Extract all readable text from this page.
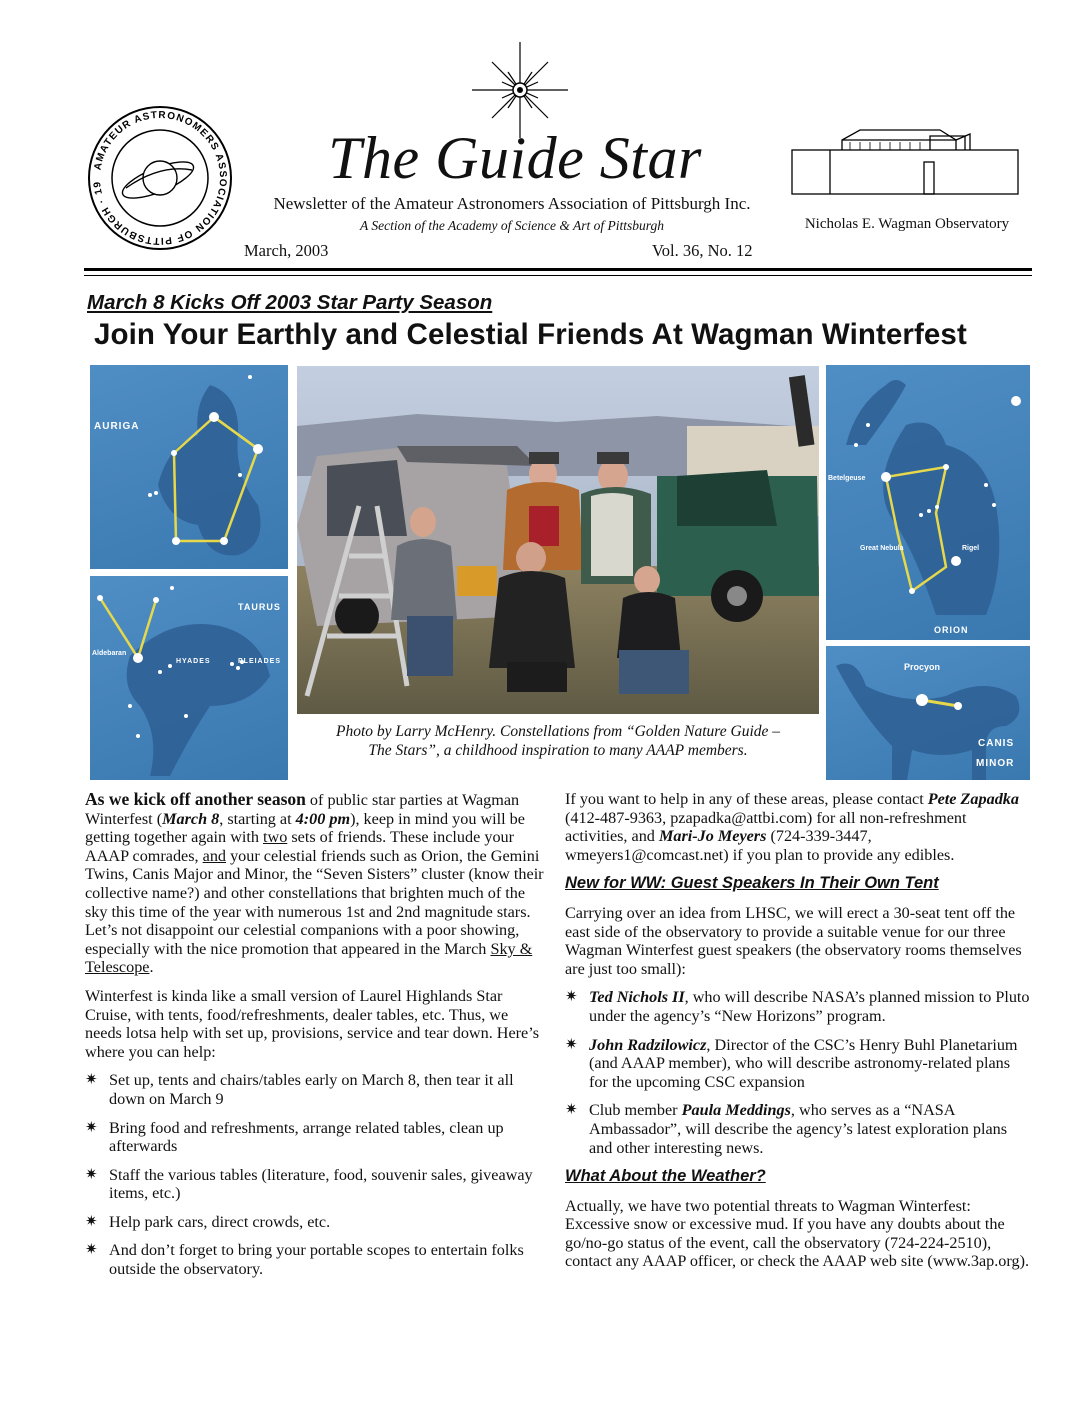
AMATEUR ASTRONOMERS ASSOCIATION OF PITTSBURGH · 19	The Guide Star
Newsletter of the Amateur Astronomers Association of Pittsburgh Inc.
A Section of the Academy of Science & Art of Pittsburgh
March, 2003	Vol. 36, No. 12
Nicholas E. Wagman Observatory
March 8 Kicks Off 2003 Star Party Season
Join Your Earthly and Celestial Friends At Wagman Winterfest
AURIGA
TAURUS
Aldebaran
HYADES	PLEIADES
Betelgeuse
Great Nebula	Rigel
ORION
Procyon
CANIS
MINOR
Photo by Larry McHenry. Constellations from “Golden Nature Guide –
The Stars”, a childhood inspiration to many AAAP members.

As we kick off another season of public star parties at Wagman Winterfest (March 8, starting at 4:00 pm), keep in mind you will be getting together again with two sets of friends. These include your AAAP comrades, and your celestial friends such as Orion, the Gemini Twins, Canis Major and Minor, the “Seven Sisters” cluster (know their collective name?) and other constellations that brighten much of the sky this time of the year with numerous 1st and 2nd magnitude stars. Let’s not disappoint our celestial companions with a poor showing, especially with the nice promotion that appeared in the March Sky & Telescope.

Winterfest is kinda like a small version of Laurel Highlands Star Cruise, with tents, food/refreshments, dealer tables, etc. Thus, we needs lotsa help with set up, provisions, service and tear down. Here’s where you can help:

✷ Set up, tents and chairs/tables early on March 8, then tear it all down on March 9
✷ Bring food and refreshments, arrange related tables, clean up afterwards
✷ Staff the various tables (literature, food, souvenir sales, giveaway items, etc.)
✷ Help park cars, direct crowds, etc.
✷ And don’t forget to bring your portable scopes to entertain folks outside the observatory.

If you want to help in any of these areas, please contact Pete Zapadka (412-487-9363, pzapadka@attbi.com) for all non-refreshment activities, and Mari-Jo Meyers (724-339-3447, wmeyers1@comcast.net) if you plan to provide any edibles.

New for WW: Guest Speakers In Their Own Tent

Carrying over an idea from LHSC, we will erect a 30-seat tent off the east side of the observatory to provide a suitable venue for our three Wagman Winterfest guest speakers (the observatory rooms themselves are just too small):

✷ Ted Nichols II, who will describe NASA’s planned mission to Pluto under the agency’s “New Horizons” program.
✷ John Radzilowicz, Director of the CSC’s Henry Buhl Planetarium (and AAAP member), who will describe astronomy-related plans for the upcoming CSC expansion
✷ Club member Paula Meddings, who serves as a “NASA Ambassador”, will describe the agency’s latest exploration plans and other interesting news.
What About the Weather?

Actually, we have two potential threats to Wagman Winterfest: Excessive snow or excessive mud. If you have any doubts about the go/no-go status of the event, call the observatory (724-224-2510), contact any AAAP officer, or check the AAAP web site (www.3ap.org).
